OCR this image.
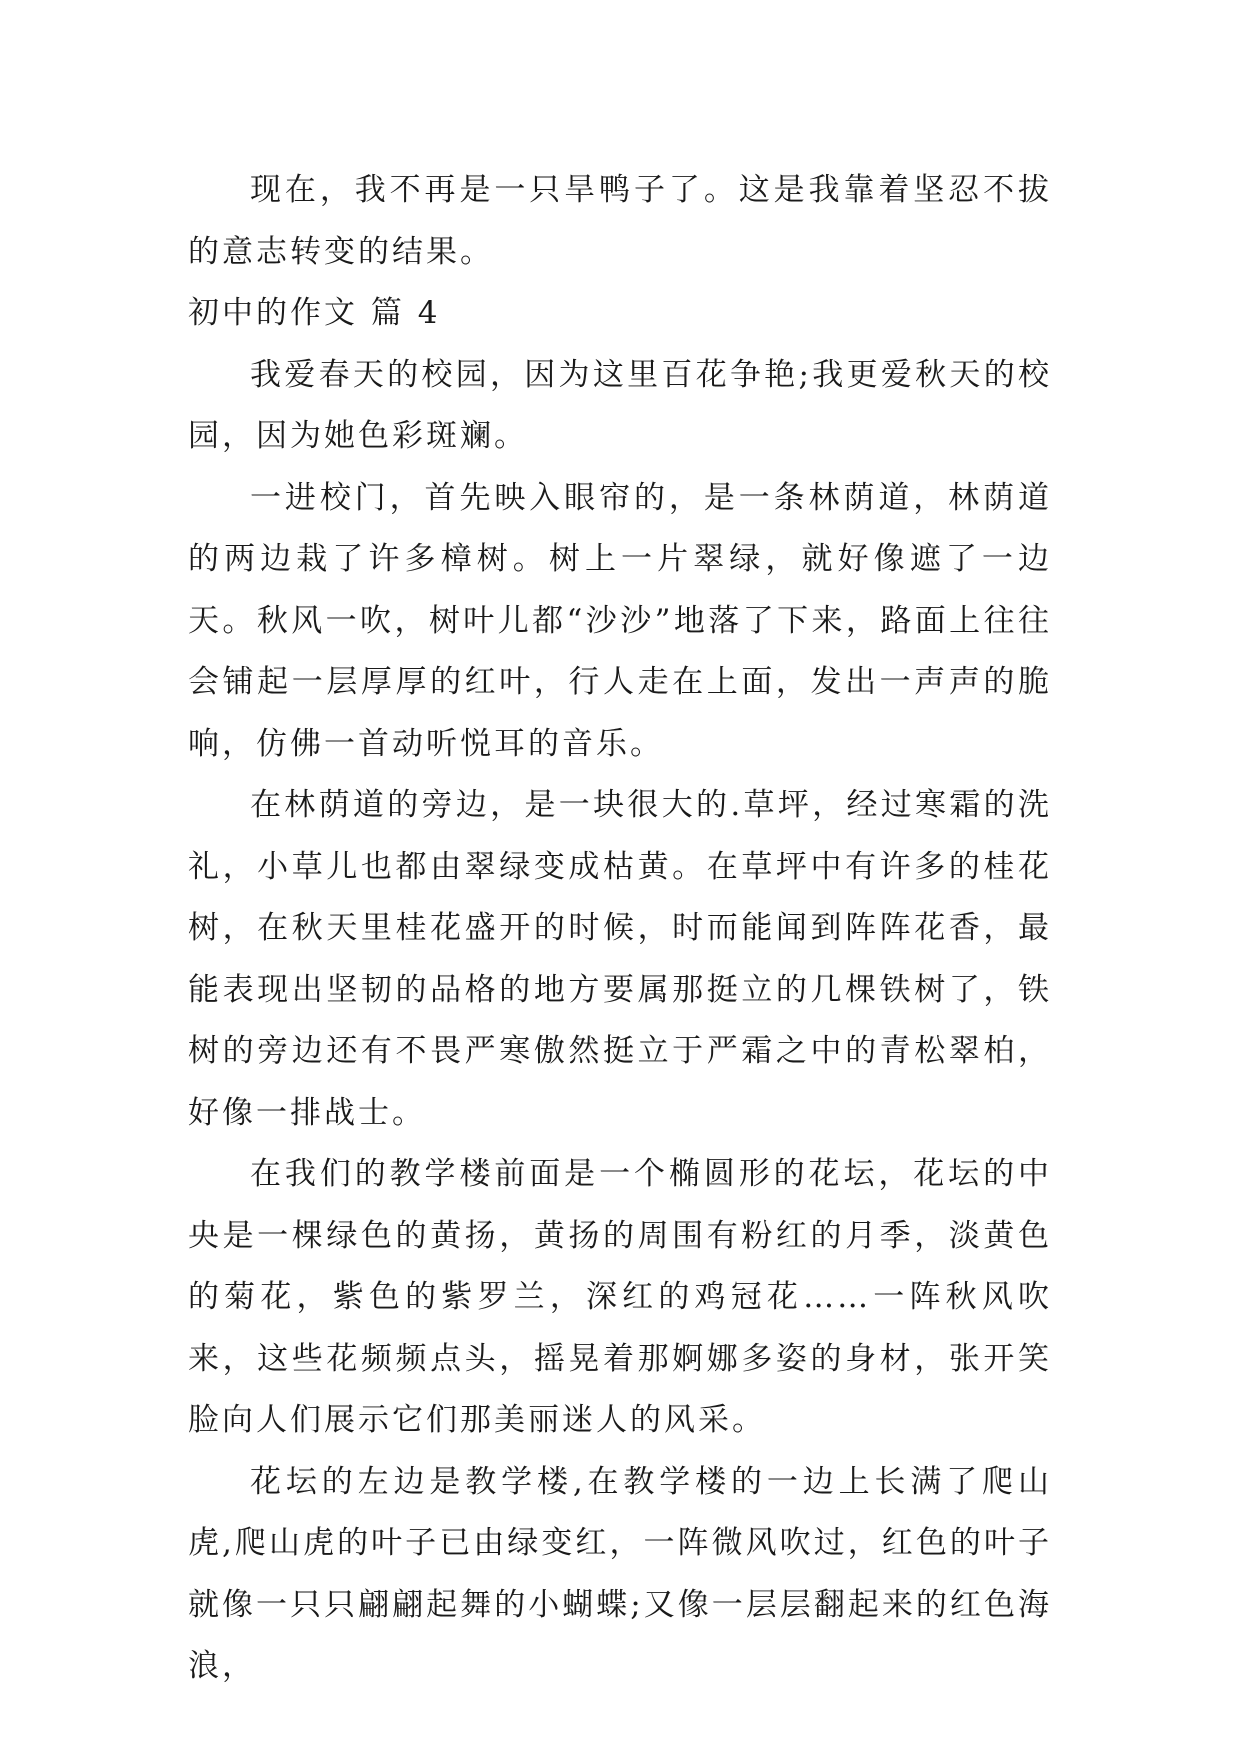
现在，我不再是一只旱鸭子了。这是我靠着坚忍不拔的意志转变的结果。

初中的作文 篇 4

我爱春天的校园，因为这里百花争艳;我更爱秋天的校园，因为她色彩斑斓。

一进校门，首先映入眼帘的，是一条林荫道，林荫道的两边栽了许多樟树。树上一片翠绿，就好像遮了一边天。秋风一吹，树叶儿都“沙沙”地落了下来，路面上往往会铺起一层厚厚的红叶，行人走在上面，发出一声声的脆响，仿佛一首动听悦耳的音乐。

在林荫道的旁边，是一块很大的.草坪，经过寒霜的洗礼，小草儿也都由翠绿变成枯黄。在草坪中有许多的桂花树，在秋天里桂花盛开的时候，时而能闻到阵阵花香，最能表现出坚韧的品格的地方要属那挺立的几棵铁树了，铁树的旁边还有不畏严寒傲然挺立于严霜之中的青松翠柏，好像一排战士。

在我们的教学楼前面是一个椭圆形的花坛，花坛的中央是一棵绿色的黄扬，黄扬的周围有粉红的月季，淡黄色的菊花，紫色的紫罗兰，深红的鸡冠花……一阵秋风吹来，这些花频频点头，摇晃着那婀娜多姿的身材，张开笑脸向人们展示它们那美丽迷人的风采。

花坛的左边是教学楼,在教学楼的一边上长满了爬山虎,爬山虎的叶子已由绿变红，一阵微风吹过，红色的叶子就像一只只翩翩起舞的小蝴蝶;又像一层层翻起来的红色海浪，
